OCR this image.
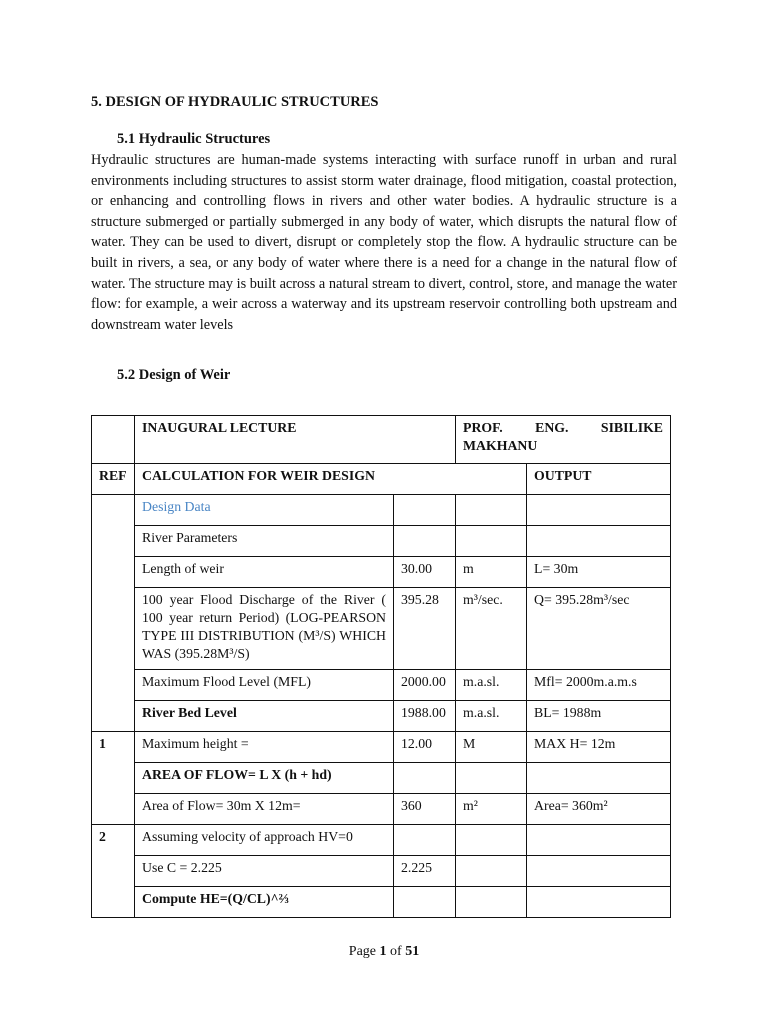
5. DESIGN OF HYDRAULIC STRUCTURES
5.1 Hydraulic Structures
Hydraulic structures are human-made systems interacting with surface runoff in urban and rural environments including structures to assist storm water drainage, flood mitigation, coastal protection, or enhancing and controlling flows in rivers and other water bodies. A hydraulic structure is a structure submerged or partially submerged in any body of water, which disrupts the natural flow of water. They can be used to divert, disrupt or completely stop the flow. A hydraulic structure can be built in rivers, a sea, or any body of water where there is a need for a change in the natural flow of water. The structure may is built across a natural stream to divert, control, store, and manage the water flow: for example, a weir across a waterway and its upstream reservoir controlling both upstream and downstream water levels
5.2 Design of Weir
	INAUGURAL LECTURE		PROF. ENG. SIBILIKE
MAKHANU	

REF	CALCULATION FOR WEIR DESIGN			OUTPUT
	Design Data			
	River Parameters			
	Length of weir	30.00	m	L= 30m
	100 year Flood Discharge of the River ( 100 year return Period) (LOG-PEARSON TYPE III DISTRIBUTION (M³/S) WHICH WAS (395.28M³/S)	395.28	m³/sec.	Q= 395.28m³/sec
	Maximum Flood Level (MFL)	2000.00	m.a.sl.	Mfl= 2000m.a.m.s
	River Bed Level	1988.00	m.a.sl.	BL= 1988m
1	Maximum height =	12.00	M	MAX H= 12m
	AREA OF FLOW= L X (h + hd)			
	Area of Flow= 30m X 12m=	360	m²	Area= 360m²
2	Assuming velocity of approach HV=0			
	Use C = 2.225	2.225		
	Compute HE=(Q/CL)^⅔			
Page 1 of 51
